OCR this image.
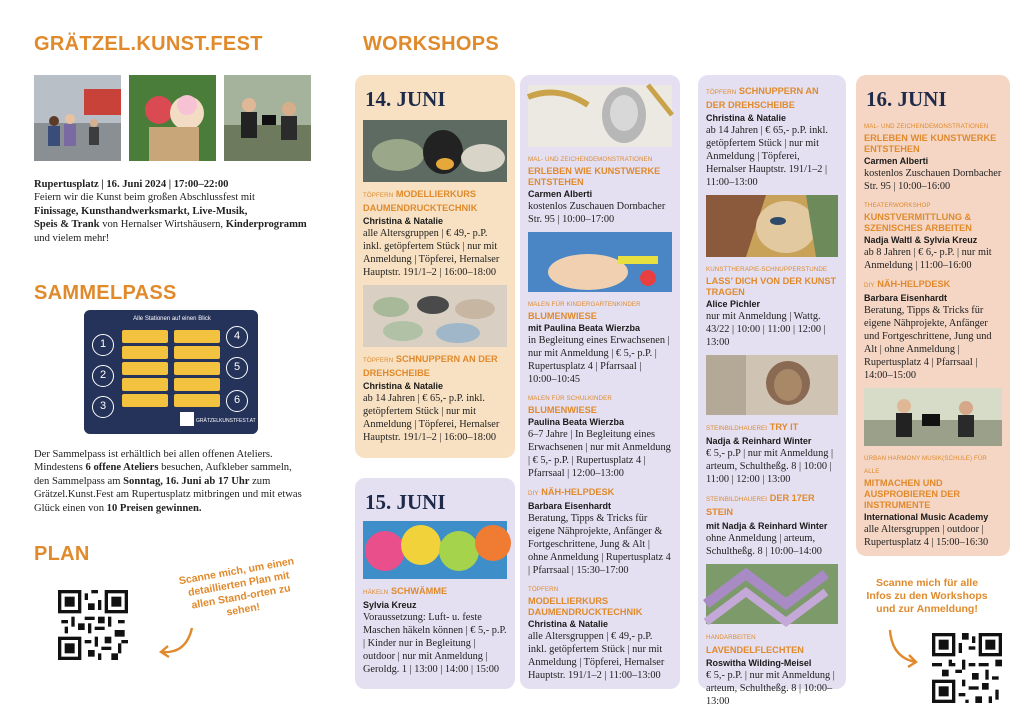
GRÄTZEL.KUNST.FEST
Rupertusplatz | 16. Juni 2024 | 17:00–22:00
Feiern wir die Kunst beim großen Abschlussfest mit
Finissage, Kunsthandwerksmarkt, Live-Musik,
Speis & Trank von Hernalser Wirtshäusern, Kinderprogramm
und vielem mehr!
SAMMELPASS
Alle Stationen auf einen Blick
1
2
3
4
5
6
GRÄTZELKUNSTFEST.AT
Der Sammelpass ist erhältlich bei allen offenen Ateliers. Mindestens 6 offene Ateliers besuchen, Aufkleber sammeln, den Sammelpass am Sonntag, 16. Juni ab 17 Uhr zum Grätzel.Kunst.Fest am Rupertusplatz mitbringen und mit etwas Glück einen von 10 Preisen gewinnen.
PLAN
Scanne mich, um einen detaillierten Plan mit allen Stand-orten zu sehen!
WORKSHOPS
14. JUNI
TÖPFERN MODELLIERKURS DAUMENDRUCKTECHNIK
Christina & Natalie
alle Altersgruppen | € 49,- p.P. inkl. getöpfertem Stück | nur mit Anmeldung | Töpferei, Hernalser Hauptstr. 191/1–2 | 16:00–18:00
TÖPFERN SCHNUPPERN AN DER DREHSCHEIBE
Christina & Natalie
ab 14 Jahren | € 65,- p.P. inkl. getöpfertem Stück | nur mit Anmeldung | Töpferei, Hernalser Hauptstr. 191/1–2 | 16:00–18:00
15. JUNI
HÄKELN SCHWÄMME
Sylvia Kreuz
Voraussetzung: Luft- u. feste Maschen häkeln können | € 5,- p.P. | Kinder nur in Begleitung | outdoor | nur mit Anmeldung | Geroldg. 1 | 13:00 | 14:00 | 15:00
MAL- UND ZEICHENDEMONSTRATIONEN
ERLEBEN WIE KUNSTWERKE ENTSTEHEN
Carmen Alberti
kostenlos Zuschauen Dornbacher Str. 95 | 10:00–17:00
MALEN FÜR KINDERGARTENKINDER
BLUMENWIESE
mit Paulina Beata Wierzba
in Begleitung eines Erwachsenen | nur mit Anmeldung | € 5,- p.P. | Rupertusplatz 4 | Pfarrsaal | 10:00–10:45
MALEN FÜR SCHULKINDER
BLUMENWIESE
Paulina Beata Wierzba
6–7 Jahre | In Begleitung eines Erwachsenen | nur mit Anmeldung | € 5,- p.P. | Rupertusplatz 4 | Pfarrsaal | 12:00–13:00
DIY NÄH-HELPDESK
Barbara Eisenhardt
Beratung, Tipps & Tricks für eigene Nähprojekte, Anfänger & Fortgeschrittene, Jung & Alt | ohne Anmeldung | Rupertusplatz 4 | Pfarrsaal | 15:30–17:00
TÖPFERN
MODELLIERKURS DAUMENDRUCKTECHNIK
Christina & Natalie
alle Altersgruppen | € 49,- p.P. inkl. getöpfertem Stück | nur mit Anmeldung | Töpferei, Hernalser Hauptstr. 191/1–2 | 11:00–13:00
TÖPFERN SCHNUPPERN AN DER DREHSCHEIBE
Christina & Natalie
ab 14 Jahren | € 65,- p.P. inkl. getöpfertem Stück | nur mit Anmeldung | Töpferei, Hernalser Hauptstr. 191/1–2 | 11:00–13:00
KUNSTTHERAPIE-SCHNUPPERSTUNDE
LASS’ DICH VON DER KUNST TRAGEN
Alice Pichler
nur mit Anmeldung | Wattg. 43/22 | 10:00 | 11:00 | 12:00 | 13:00
STEINBILDHAUEREI TRY IT
Nadja & Reinhard Winter
€ 5,- p.P | nur mit Anmeldung | arteum, Schultheßg. 8 | 10:00 | 11:00 | 12:00 | 13:00
STEINBILDHAUEREI DER 17ER STEIN
mit Nadja & Reinhard Winter
ohne Anmeldung | arteum, Schultheßg. 8 | 10:00–14:00
HANDARBEITEN LAVENDELFLECHTEN
Roswitha Wilding-Meisel
€ 5,- p.P. | nur mit Anmeldung | arteum, Schultheßg. 8 | 10:00–13:00
16. JUNI
MAL- UND ZEICHENDEMONSTRATIONEN
ERLEBEN WIE KUNSTWERKE ENTSTEHEN
Carmen Alberti
kostenlos Zuschauen Dornbacher Str. 95 | 10:00–16:00
THEATERWORKSHOP
KUNSTVERMITTLUNG & SZENISCHES ARBEITEN
Nadja Waltl & Sylvia Kreuz
ab 8 Jahren | € 6,- p.P. | nur mit Anmeldung | 11:00–16:00
DIY NÄH-HELPDESK
Barbara Eisenhardt
Beratung, Tipps & Tricks für eigene Nähprojekte, Anfänger und Fortgeschrittene, Jung und Alt | ohne Anmeldung | Rupertusplatz 4 | Pfarrsaal | 14:00–15:00
URBAN HARMONY MUSIK(SCHULE) FÜR ALLE
MITMACHEN UND AUSPROBIEREN DER INSTRUMENTE
International Music Academy
alle Altersgruppen | outdoor | Rupertusplatz 4 | 15:00–16:30
Scanne mich für alle Infos zu den Workshops und zur Anmeldung!
